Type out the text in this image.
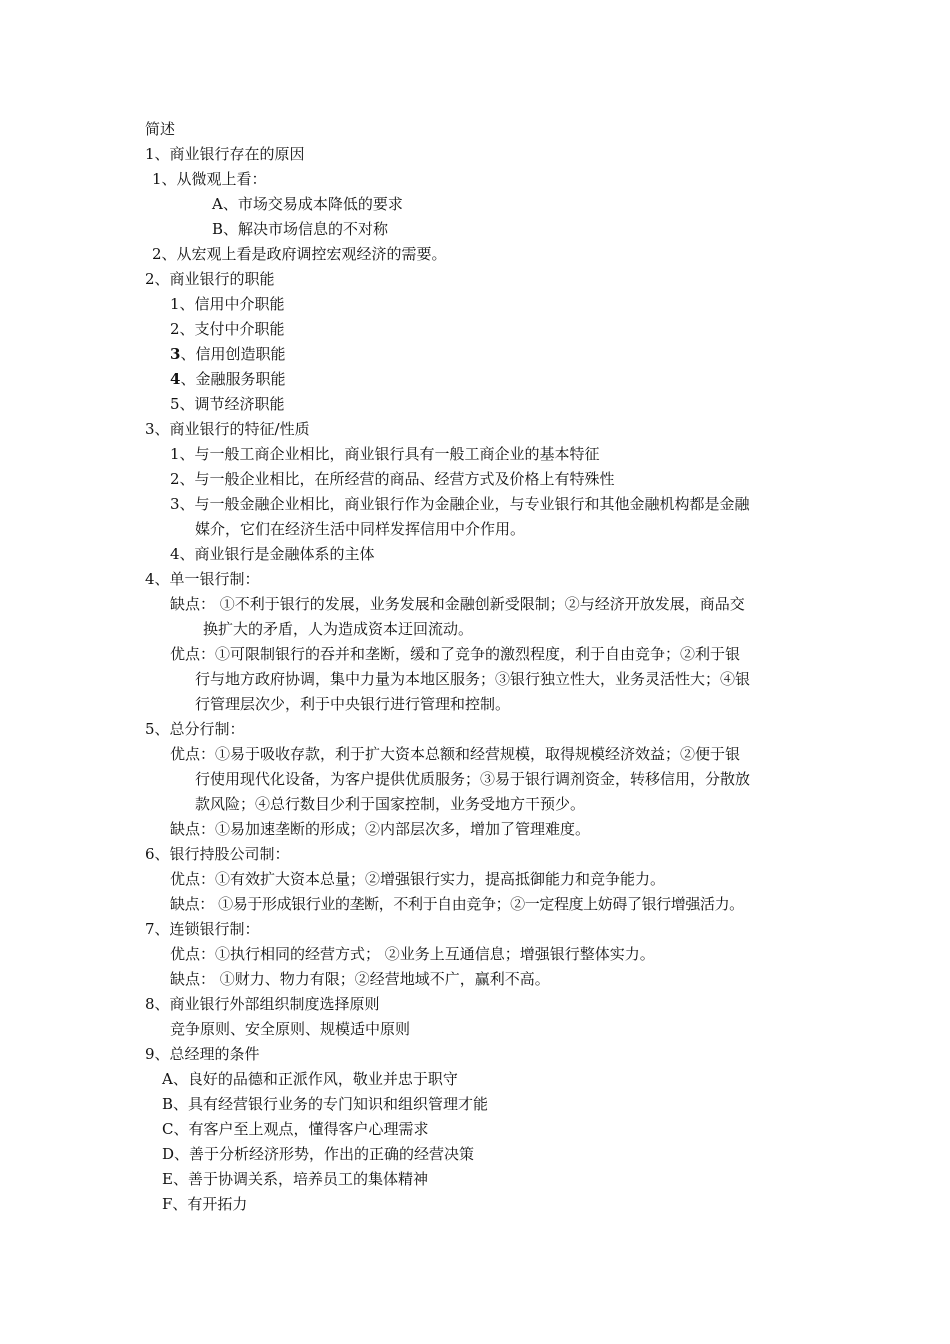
简述
1、商业银行存在的原因
1、从微观上看：
A、市场交易成本降低的要求
B、解决市场信息的不对称
2、从宏观上看是政府调控宏观经济的需要。
2、商业银行的职能
1、信用中介职能
2、支付中介职能
3、信用创造职能
4、金融服务职能
5、调节经济职能
3、商业银行的特征/性质
1、与一般工商企业相比，商业银行具有一般工商企业的基本特征
2、与一般企业相比，在所经营的商品、经营方式及价格上有特殊性
3、与一般金融企业相比，商业银行作为金融企业，与专业银行和其他金融机构都是金融
媒介，它们在经济生活中同样发挥信用中介作用。
4、商业银行是金融体系的主体
4、单一银行制：
缺点： ①不利于银行的发展，业务发展和金融创新受限制；②与经济开放发展，商品交
换扩大的矛盾，人为造成资本迂回流动。
优点：①可限制银行的吞并和垄断，缓和了竞争的激烈程度，利于自由竞争；②利于银
行与地方政府协调，集中力量为本地区服务；③银行独立性大，业务灵活性大；④银
行管理层次少，利于中央银行进行管理和控制。
5、总分行制：
优点：①易于吸收存款，利于扩大资本总额和经营规模，取得规模经济效益；②便于银
行使用现代化设备，为客户提供优质服务；③易于银行调剂资金，转移信用，分散放
款风险；④总行数目少利于国家控制，业务受地方干预少。
缺点：①易加速垄断的形成；②内部层次多，增加了管理难度。
6、银行持股公司制：
优点：①有效扩大资本总量；②增强银行实力，提高抵御能力和竞争能力。
缺点： ①易于形成银行业的垄断，不利于自由竞争；②一定程度上妨碍了银行增强活力。
7、连锁银行制：
优点：①执行相同的经营方式； ②业务上互通信息；增强银行整体实力。
缺点： ①财力、物力有限；②经营地域不广，赢利不高。
8、商业银行外部组织制度选择原则
竞争原则、安全原则、规模适中原则
9、总经理的条件
A、良好的品德和正派作风，敬业并忠于职守
B、具有经营银行业务的专门知识和组织管理才能
C、有客户至上观点，懂得客户心理需求
D、善于分析经济形势，作出的正确的经营决策
E、善于协调关系，培养员工的集体精神
F、有开拓力
